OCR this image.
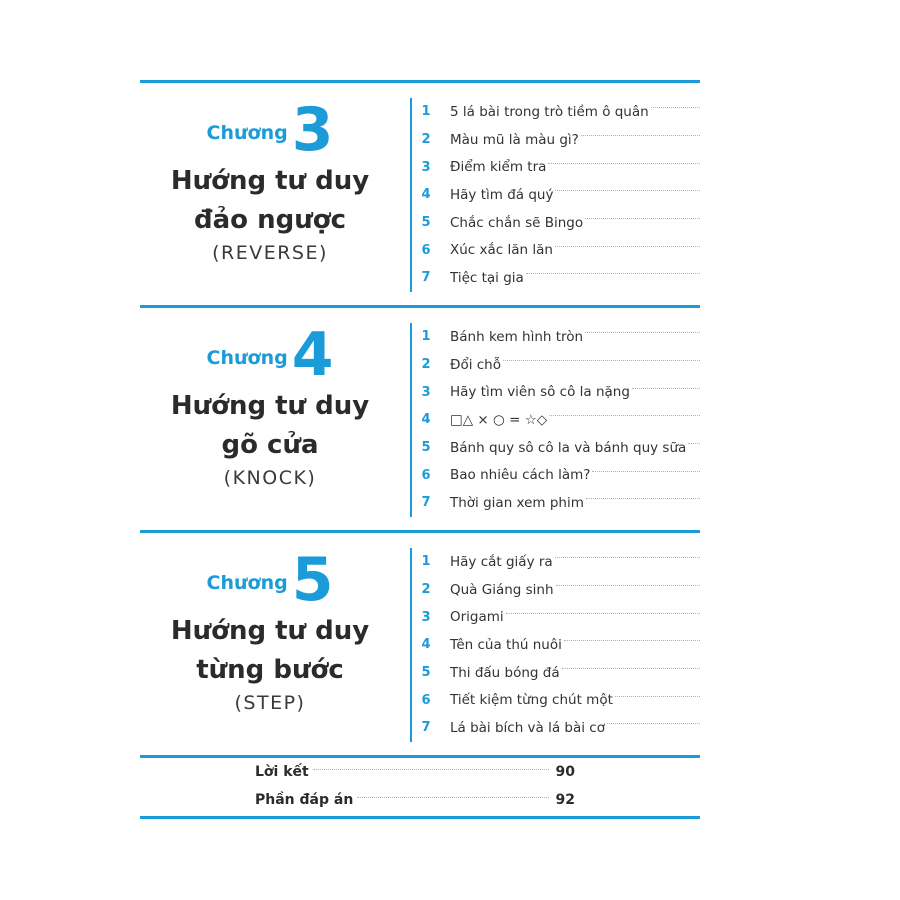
Chương 3
Hướng tư duy
đảo ngược
(REVERSE)
1	5 lá bài trong trò tiềm ô quân
2	Màu mũ là màu gì?
3	Điểm kiểm tra
4	Hãy tìm đá quý
5	Chắc chắn sẽ Bingo
6	Xúc xắc lăn lăn
7	Tiệc tại gia
Chương 4
Hướng tư duy
gõ cửa
(KNOCK)
1	Bánh kem hình tròn
2	Đổi chỗ
3	Hãy tìm viên sô cô la nặng
4	□△ × ○ = ☆◇
5	Bánh quy sô cô la và bánh quy sữa
6	Bao nhiêu cách làm?
7	Thời gian xem phim
Chương 5
Hướng tư duy
từng bước
(STEP)
1	Hãy cắt giấy ra
2	Quà Giáng sinh
3	Origami
4	Tên của thú nuôi
5	Thi đấu bóng đá
6	Tiết kiệm từng chút một
7	Lá bài bích và lá bài cơ
Lời kết	90
Phần đáp án	92
